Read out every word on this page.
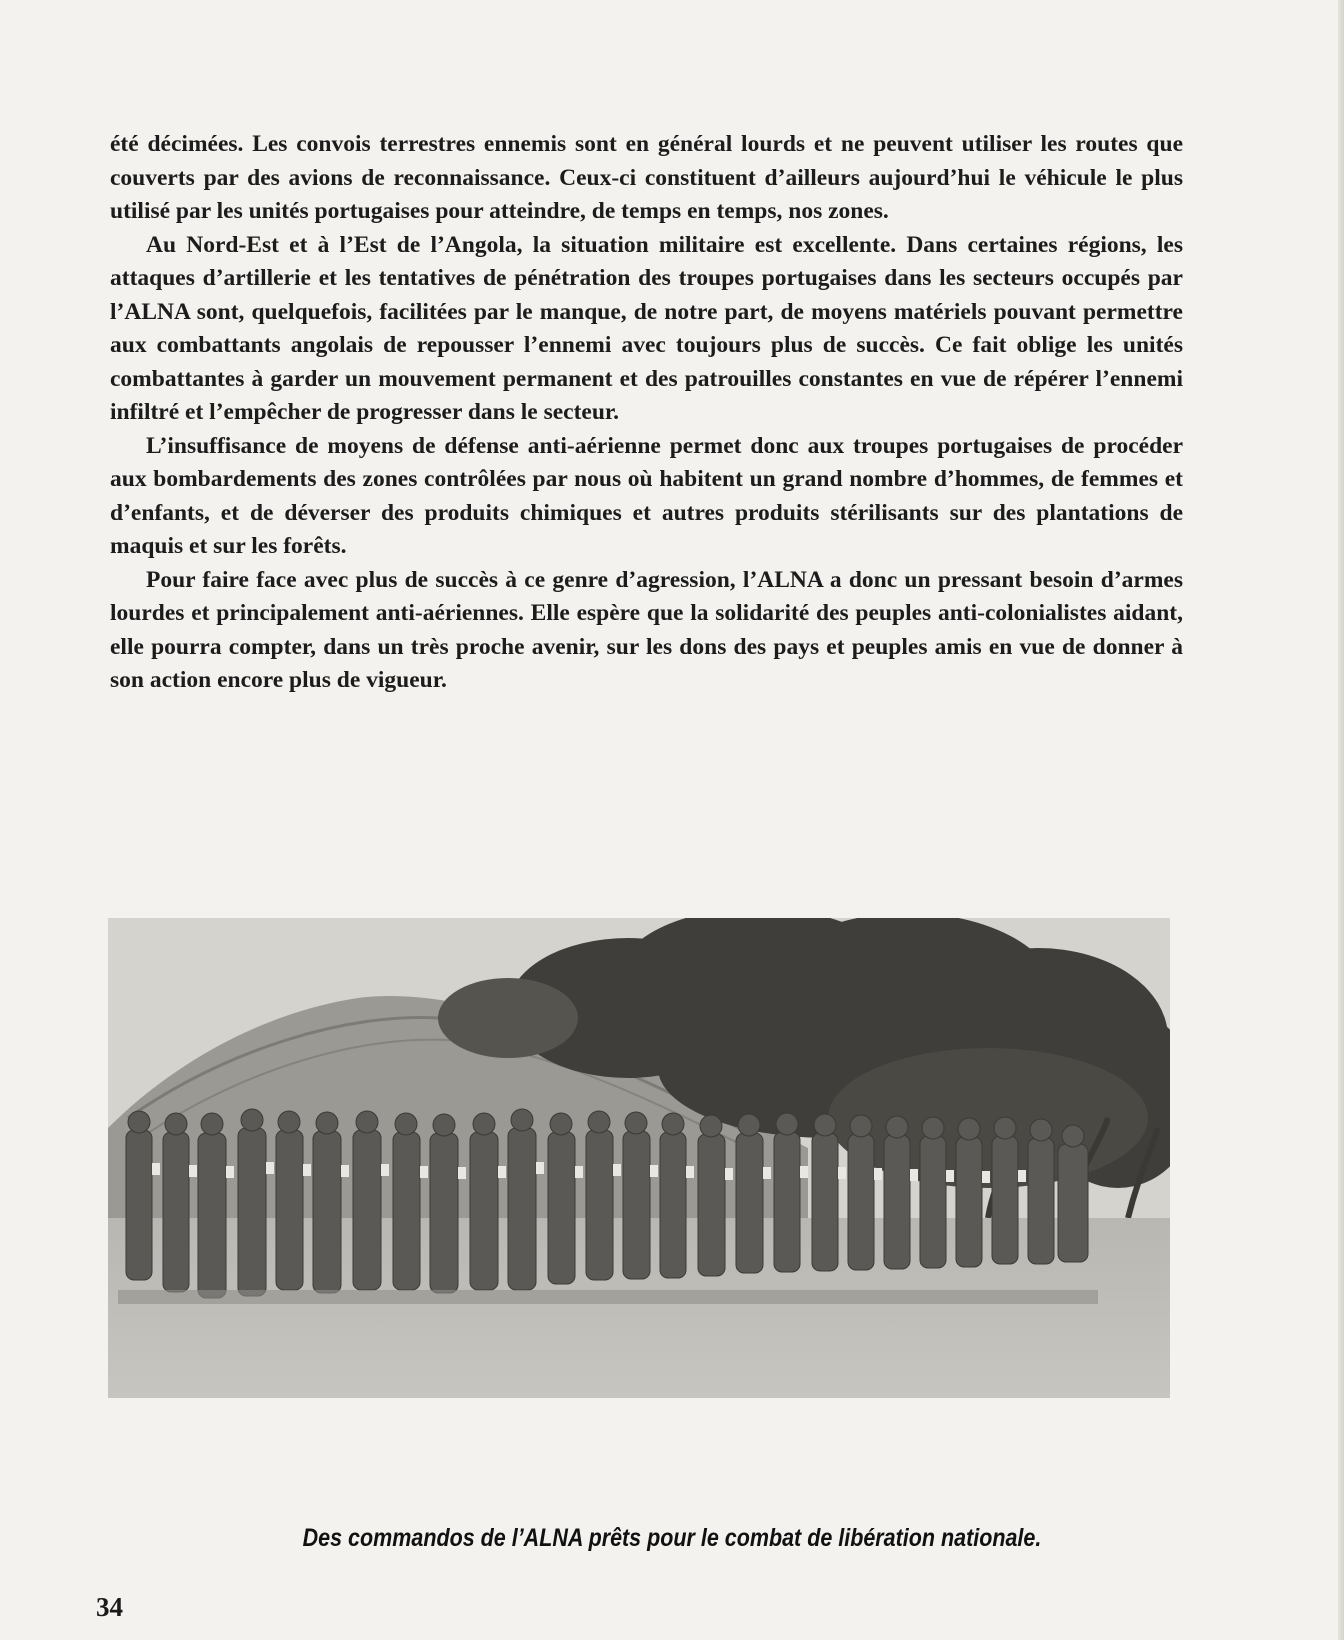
été décimées. Les convois terrestres ennemis sont en général lourds et ne peuvent utiliser les routes que couverts par des avions de reconnaissance. Ceux-ci constituent d’ailleurs aujourd’hui le véhicule le plus utilisé par les unités portugaises pour atteindre, de temps en temps, nos zones.

Au Nord-Est et à l’Est de l’Angola, la situation militaire est excellente. Dans certaines régions, les attaques d’artillerie et les tentatives de pénétration des troupes portugaises dans les secteurs occupés par l’ALNA sont, quelquefois, facilitées par le manque, de notre part, de moyens matériels pouvant permettre aux combattants angolais de repousser l’ennemi avec toujours plus de succès. Ce fait oblige les unités combattantes à garder un mouvement permanent et des patrouilles constantes en vue de répérer l’ennemi infiltré et l’empêcher de progresser dans le secteur.

L’insuffisance de moyens de défense anti-aérienne permet donc aux troupes portugaises de procéder aux bombardements des zones contrôlées par nous où habitent un grand nombre d’hommes, de femmes et d’enfants, et de déverser des produits chimiques et autres produits stérilisants sur des plantations de maquis et sur les forêts.

Pour faire face avec plus de succès à ce genre d’agression, l’ALNA a donc un pressant besoin d’armes lourdes et principalement anti-aériennes. Elle espère que la solidarité des peuples anti-colonialistes aidant, elle pourra compter, dans un très proche avenir, sur les dons des pays et peuples amis en vue de donner à son action encore plus de vigueur.

Des commandos de l’ALNA prêts pour le combat de libération nationale.
34
